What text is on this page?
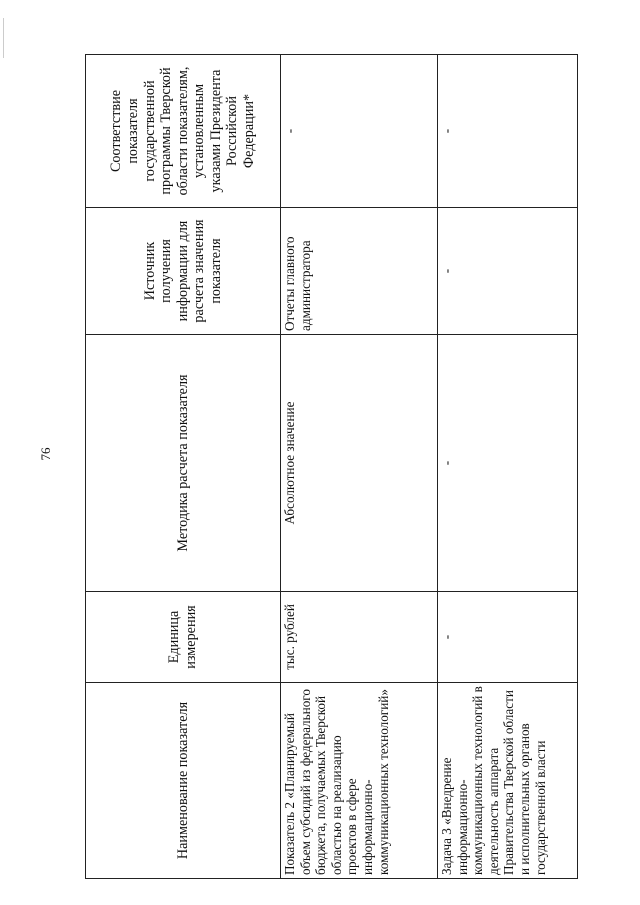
76
Наименование показателя	Единица измерения	Методика расчета показателя	Источник получения информации для расчета значения показателя	Соответствие показателя государственной программы Тверской области показателям, установленным указами Президента Российской Федерации*
Показатель 2 «Планируемый объем субсидий из федерального бюджета, получаемых Тверской областью на реализацию проектов в сфере информационно-коммуникационных технологий»	тыс. рублей	Абсолютное значение	Отчеты главного администратора	-
Задача 3 «Внедрение информационно-коммуникационных технологий в деятельность аппарата Правительства Тверской области и исполнительных органов государственной власти	-	-	-	-
